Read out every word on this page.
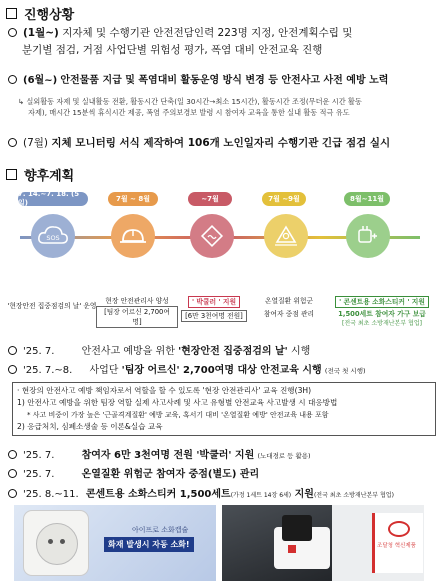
진행상황
(1월~) 지자체 및 수행기관 안전전담인력 223명 지정, 안전계획수립 및
분기별 점검, 거점 사업단별 위험성 평가, 폭염 대비 안전교육 진행
(6월~) 안전물품 지급 및 폭염대비 활동운영 방식 변경 등 안전사고 사전 예방 노력
↳ 실외활동 자제 및 실내활동 전환, 활동시간 단축(일 30시간→최소 15시간), 활동시간 조정(무더운 시간 활동
자제), 매시간 15분씩 휴식시간 제공, 폭염 주의보경보 발령 시 참여자 교육을 통한 실내 활동 적극 유도
(7월) 지체 모니터링 서식 제작하여 106개 노인일자리 수행기관 긴급 점검 실시
향후계획
7. 14.~7. 18. (5일)	7월 ~ 8월	~7월	7월 ~9월	8월~11월
SOS
'현장안전 집중점검의 날' 운영
현장 안전관리사 양성
[팀장 어르신 2,700여명]
' 박쿨러 ' 지원 [6만 3천여명 전원]
온열질환 위험군
참여자 중점 관리
' 콘센트용 소화스티커 ' 지원
1,500세트 참여자 가구 보급
[전국 최초 소방재난본부 협업]
'25. 7.	안전사고 예방을 위한 '현장안전 집중점검의 날' 시행
'25. 7.~8. 사업단 '팀장 어르신' 2,700여명 대상 안전교육 시행 (전국 첫 시행)
· 현장의 안전사고 예방 책임자로서 역할을 할 수 있도록 '현장 안전관리사' 교육 진행(3H)
1) 안전사고 예방을 위한 팀장 역할 실제 사고사례 및 사고 유형별 안전교육 사고발생 시 대응방법
* 사고 비중이 가장 높은 '근골격계질환' 예방 교육, 혹서기 대비 '온열질환 예방' 안전교육 내용 포함
2) 응급처치, 심폐소생술 등 이론&실습 교육
'25. 7.	참여자 6만 3천여명 전원 '박쿨러' 지원 (노대경로 등 활용)
'25. 7.	온열질환 위험군 참여자 중점(별도) 관리
'25. 8.~11. 콘센트용 소화스티커 1,500세트(가정 1세트 14장 6세) 지원(전국 최초 소방재난본부 협업)
아이프로 소화캡슐
화재 발생시 자동 소화!	조달청 혁신제품
